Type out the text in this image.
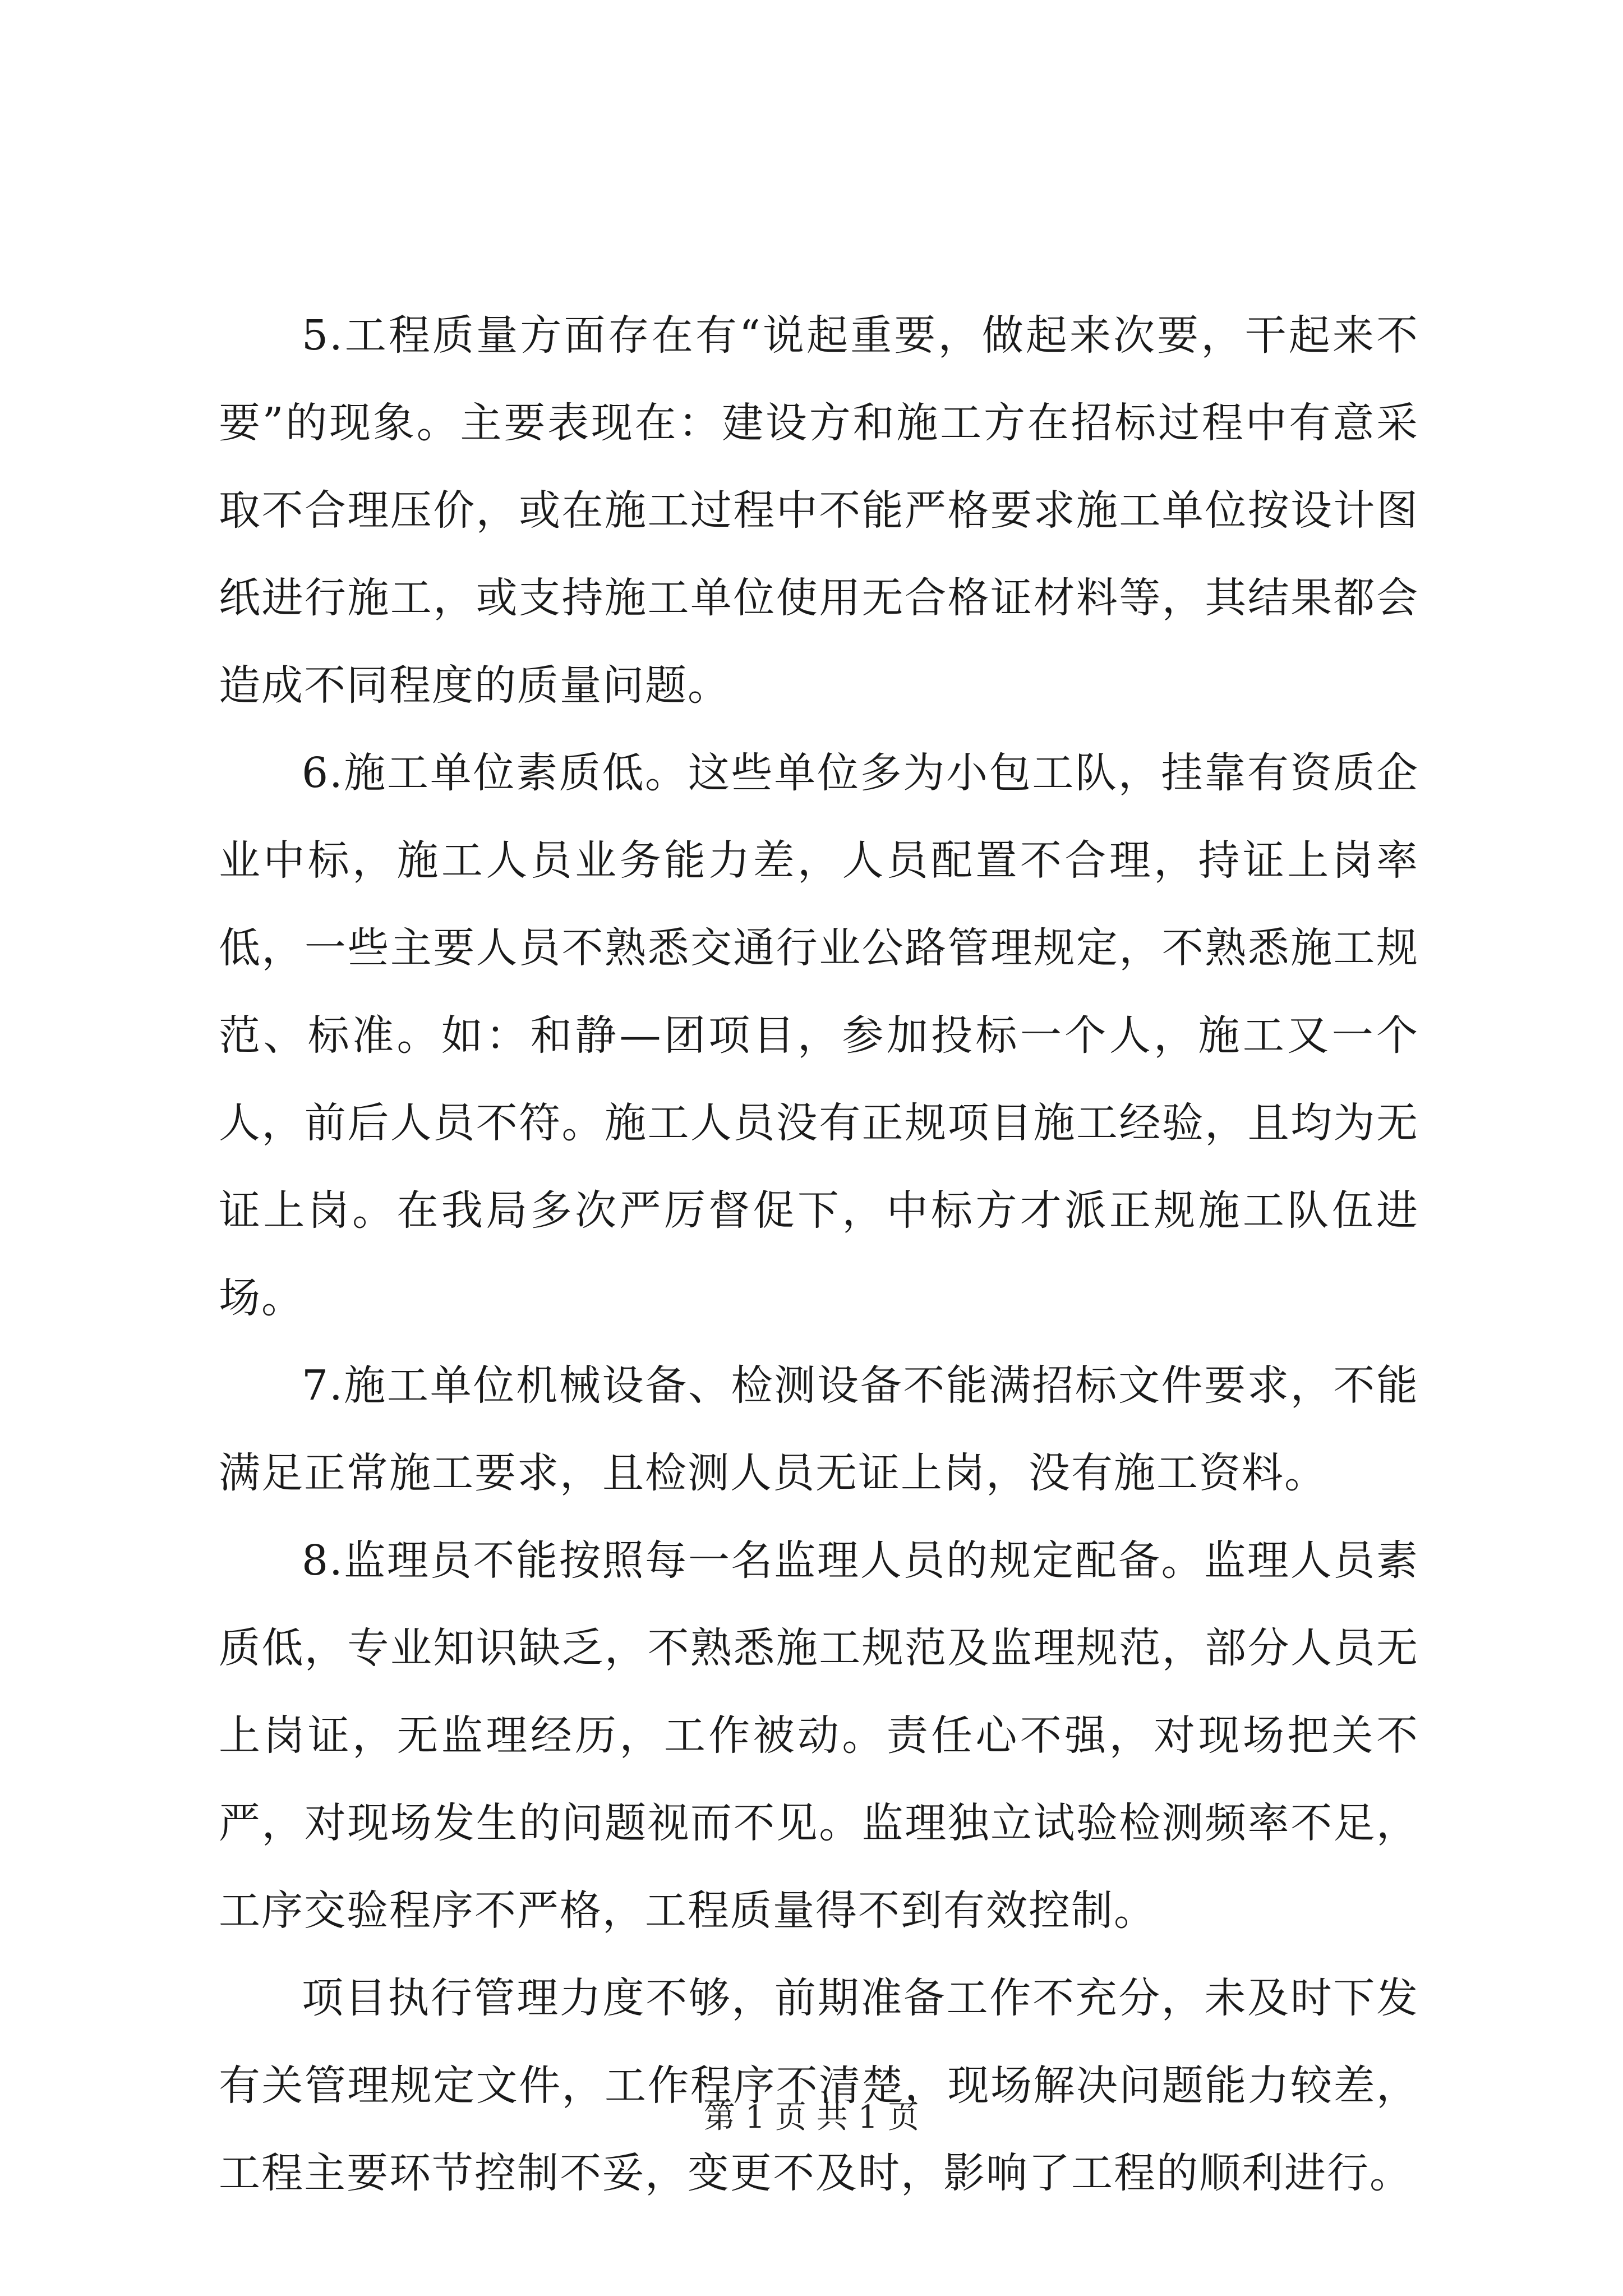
5.工程质量方面存在有“说起重要，做起来次要，干起来不要”的现象。主要表现在：建设方和施工方在招标过程中有意采取不合理压价，或在施工过程中不能严格要求施工单位按设计图纸进行施工，或支持施工单位使用无合格证材料等，其结果都会造成不同程度的质量问题。

6.施工单位素质低。这些单位多为小包工队，挂靠有资质企业中标，施工人员业务能力差，人员配置不合理，持证上岗率低，一些主要人员不熟悉交通行业公路管理规定，不熟悉施工规范、标准。如：和静—团项目，参加投标一个人，施工又一个人，前后人员不符。施工人员没有正规项目施工经验，且均为无证上岗。在我局多次严厉督促下，中标方才派正规施工队伍进场。

7.施工单位机械设备、检测设备不能满招标文件要求，不能满足正常施工要求，且检测人员无证上岗，没有施工资料。

8.监理员不能按照每一名监理人员的规定配备。监理人员素质低，专业知识缺乏，不熟悉施工规范及监理规范，部分人员无上岗证，无监理经历，工作被动。责任心不强，对现场把关不严，对现场发生的问题视而不见。监理独立试验检测频率不足，工序交验程序不严格，工程质量得不到有效控制。

项目执行管理力度不够，前期准备工作不充分，未及时下发有关管理规定文件，工作程序不清楚，现场解决问题能力较差，工程主要环节控制不妥，变更不及时，影响了工程的顺利进行。

第 1 页 共 1 页
